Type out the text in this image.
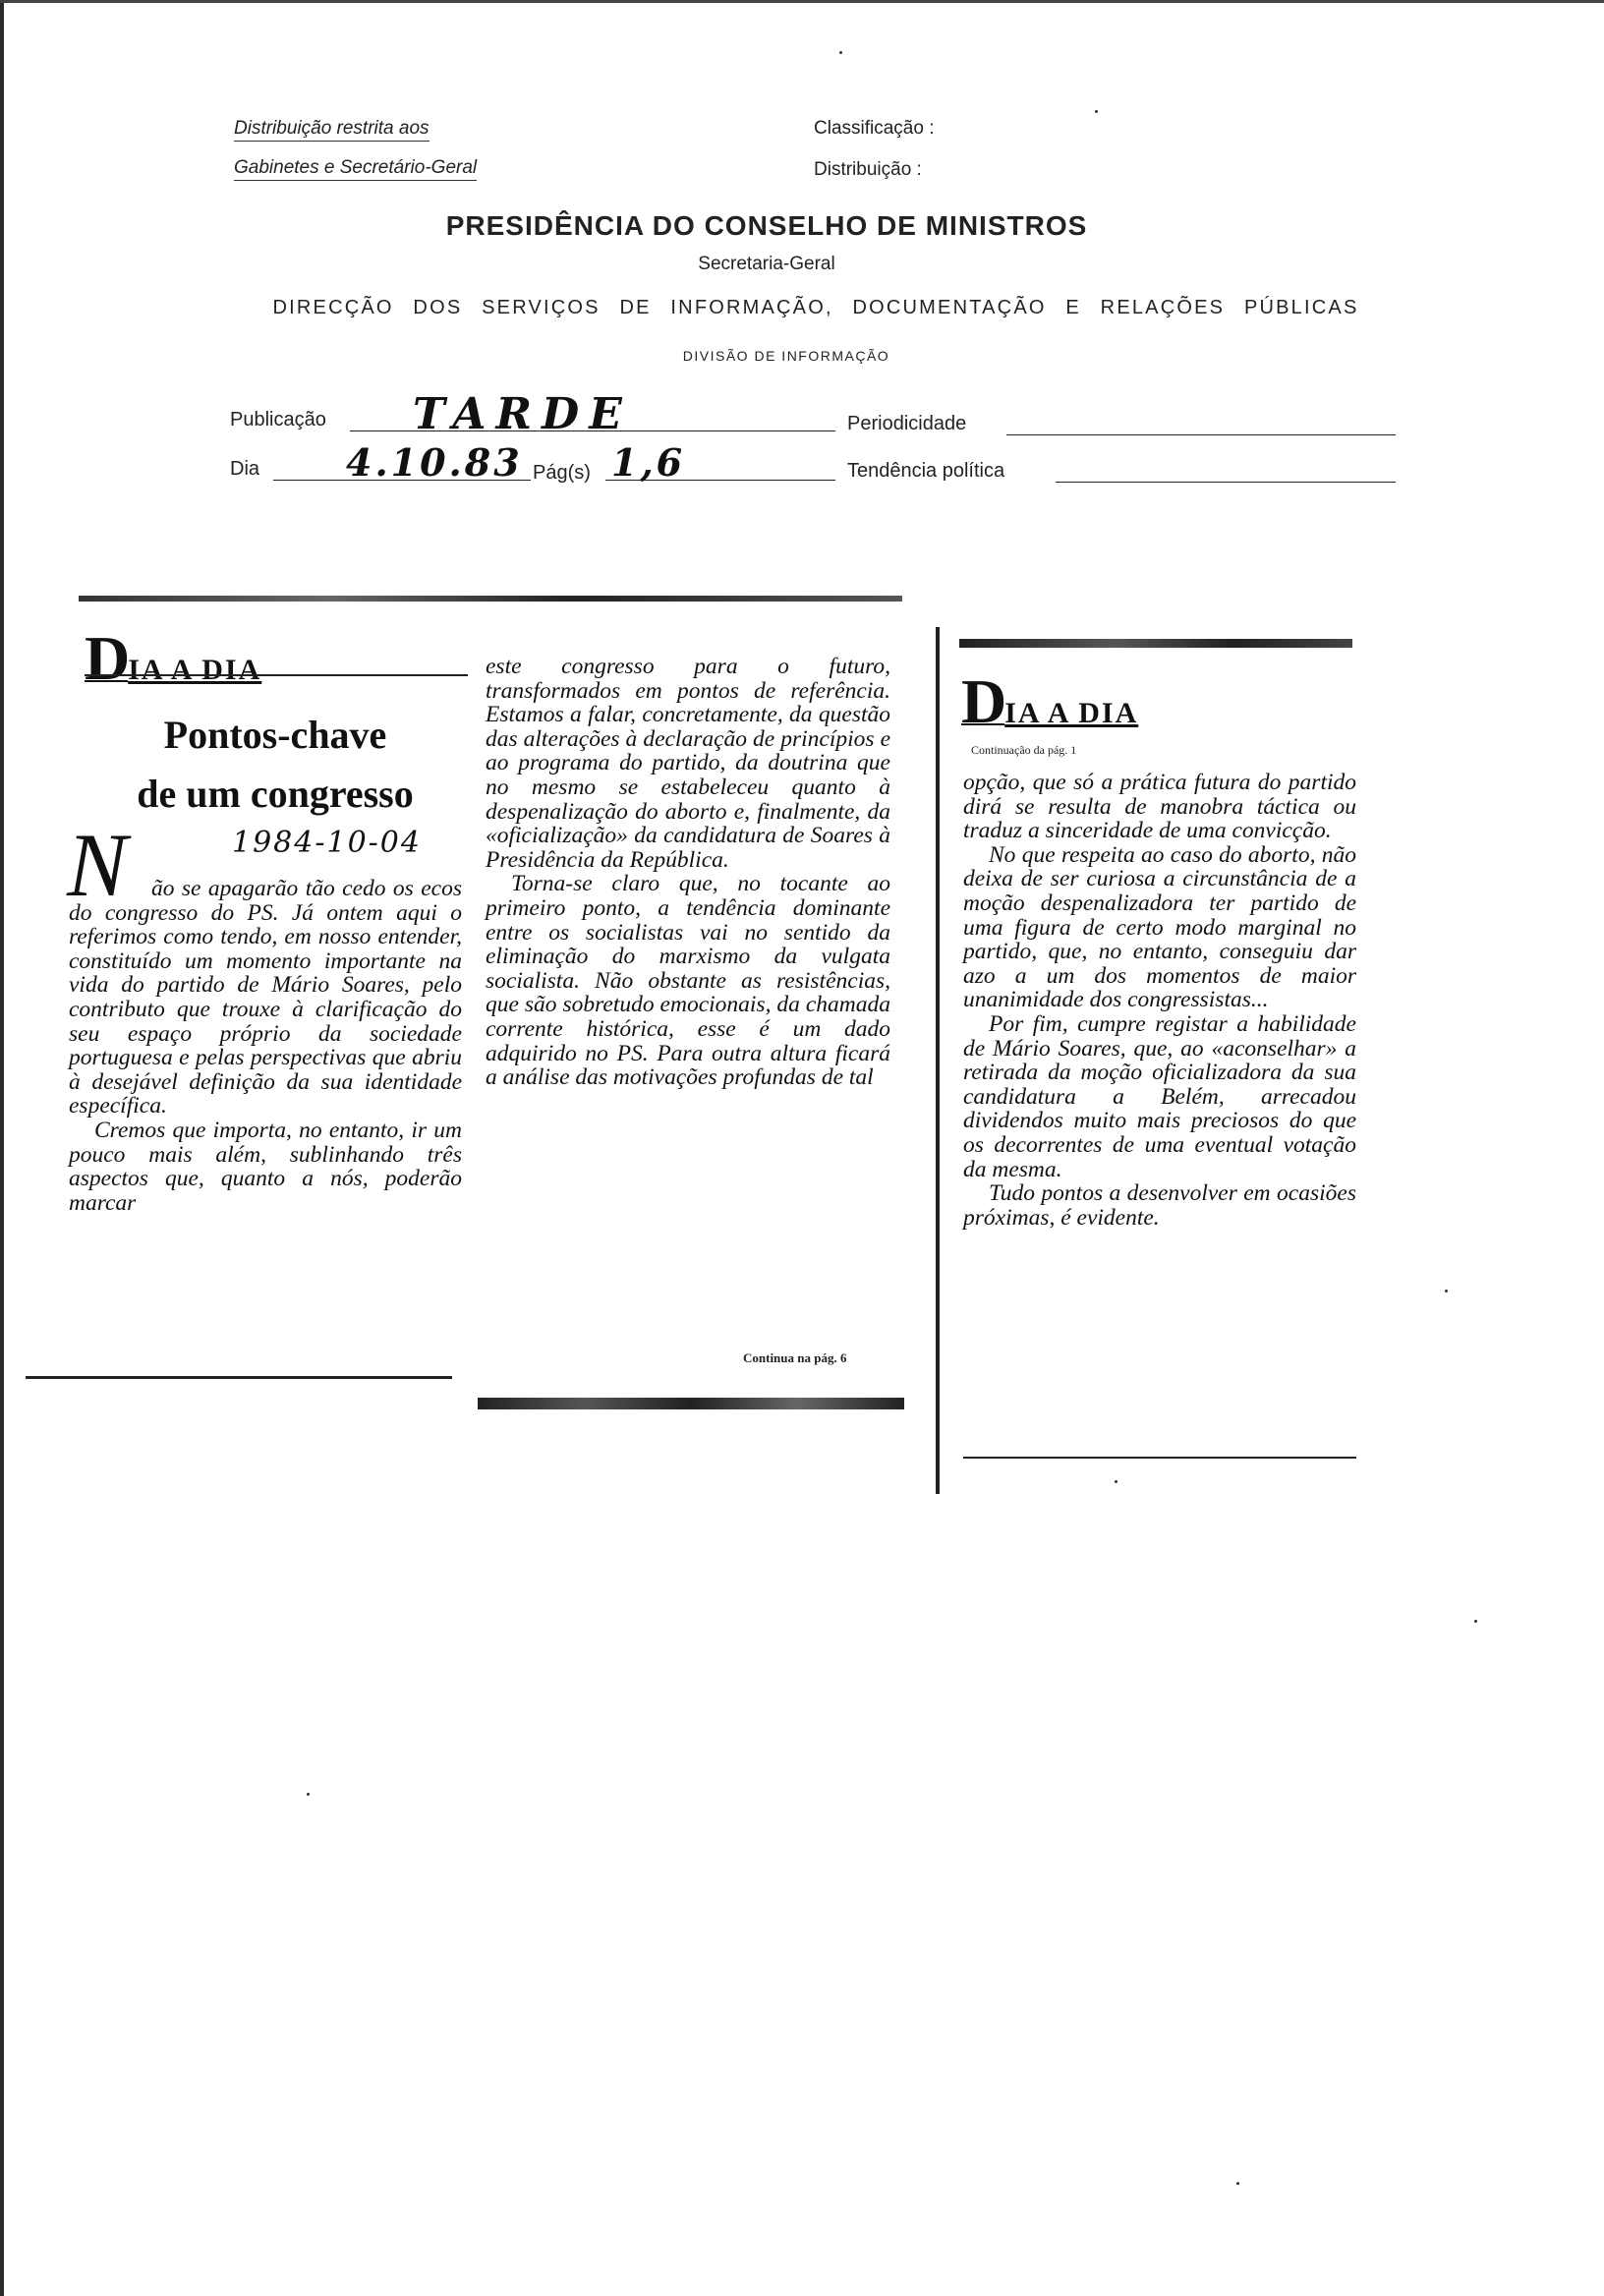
Distribuição restrita aos
Gabinetes e Secretário-Geral
Classificação :
Distribuição :
PRESIDÊNCIA DO CONSELHO DE MINISTROS
Secretaria-Geral
DIRECÇÃO DOS SERVIÇOS DE INFORMAÇÃO, DOCUMENTAÇÃO E RELAÇÕES PÚBLICAS
DIVISÃO DE INFORMAÇÃO
Publicação TARDE	Periodicidade
Dia 4.10.83 Pág(s) 1,6	Tendência política
DIA A DIA
Pontos-chave
de um congresso
1984-10-04
N	ão se apagarão tão cedo os ecos do congresso do PS. Já ontem aqui o referimos como tendo, em nosso entender, constituído um momento importante na vida do partido de Mário Soares, pelo contributo que trouxe à clarificação do seu espaço próprio da sociedade portuguesa e pelas perspectivas que abriu à desejável definição da sua identidade específica.

Cremos que importa, no entanto, ir um pouco mais além, sublinhando três aspectos que, quanto a nós, poderão marcar

este congresso para o futuro, transformados em pontos de referência. Estamos a falar, concretamente, da questão das alterações à declaração de princípios e ao programa do partido, da doutrina que no mesmo se estabeleceu quanto à despenalização do aborto e, finalmente, da «oficialização» da candidatura de Soares à Presidência da República.

Torna-se claro que, no tocante ao primeiro ponto, a tendência dominante entre os socialistas vai no sentido da eliminação do marxismo da vulgata socialista. Não obstante as resistências, que são sobretudo emocionais, da chamada corrente histórica, esse é um dado adquirido no PS. Para outra altura ficará a análise das motivações profundas de tal

Continua na pág. 6
DIA A DIA
Continuação da pág. 1

opção, que só a prática futura do partido dirá se resulta de manobra táctica ou traduz a sinceridade de uma convicção.

No que respeita ao caso do aborto, não deixa de ser curiosa a circunstância de a moção despenalizadora ter partido de uma figura de certo modo marginal no partido, que, no entanto, conseguiu dar azo a um dos momentos de maior unanimidade dos congressistas...

Por fim, cumpre registar a habilidade de Mário Soares, que, ao «aconselhar» a retirada da moção oficializadora da sua candidatura a Belém, arrecadou dividendos muito mais preciosos do que os decorrentes de uma eventual votação da mesma.

Tudo pontos a desenvolver em ocasiões próximas, é evidente.
